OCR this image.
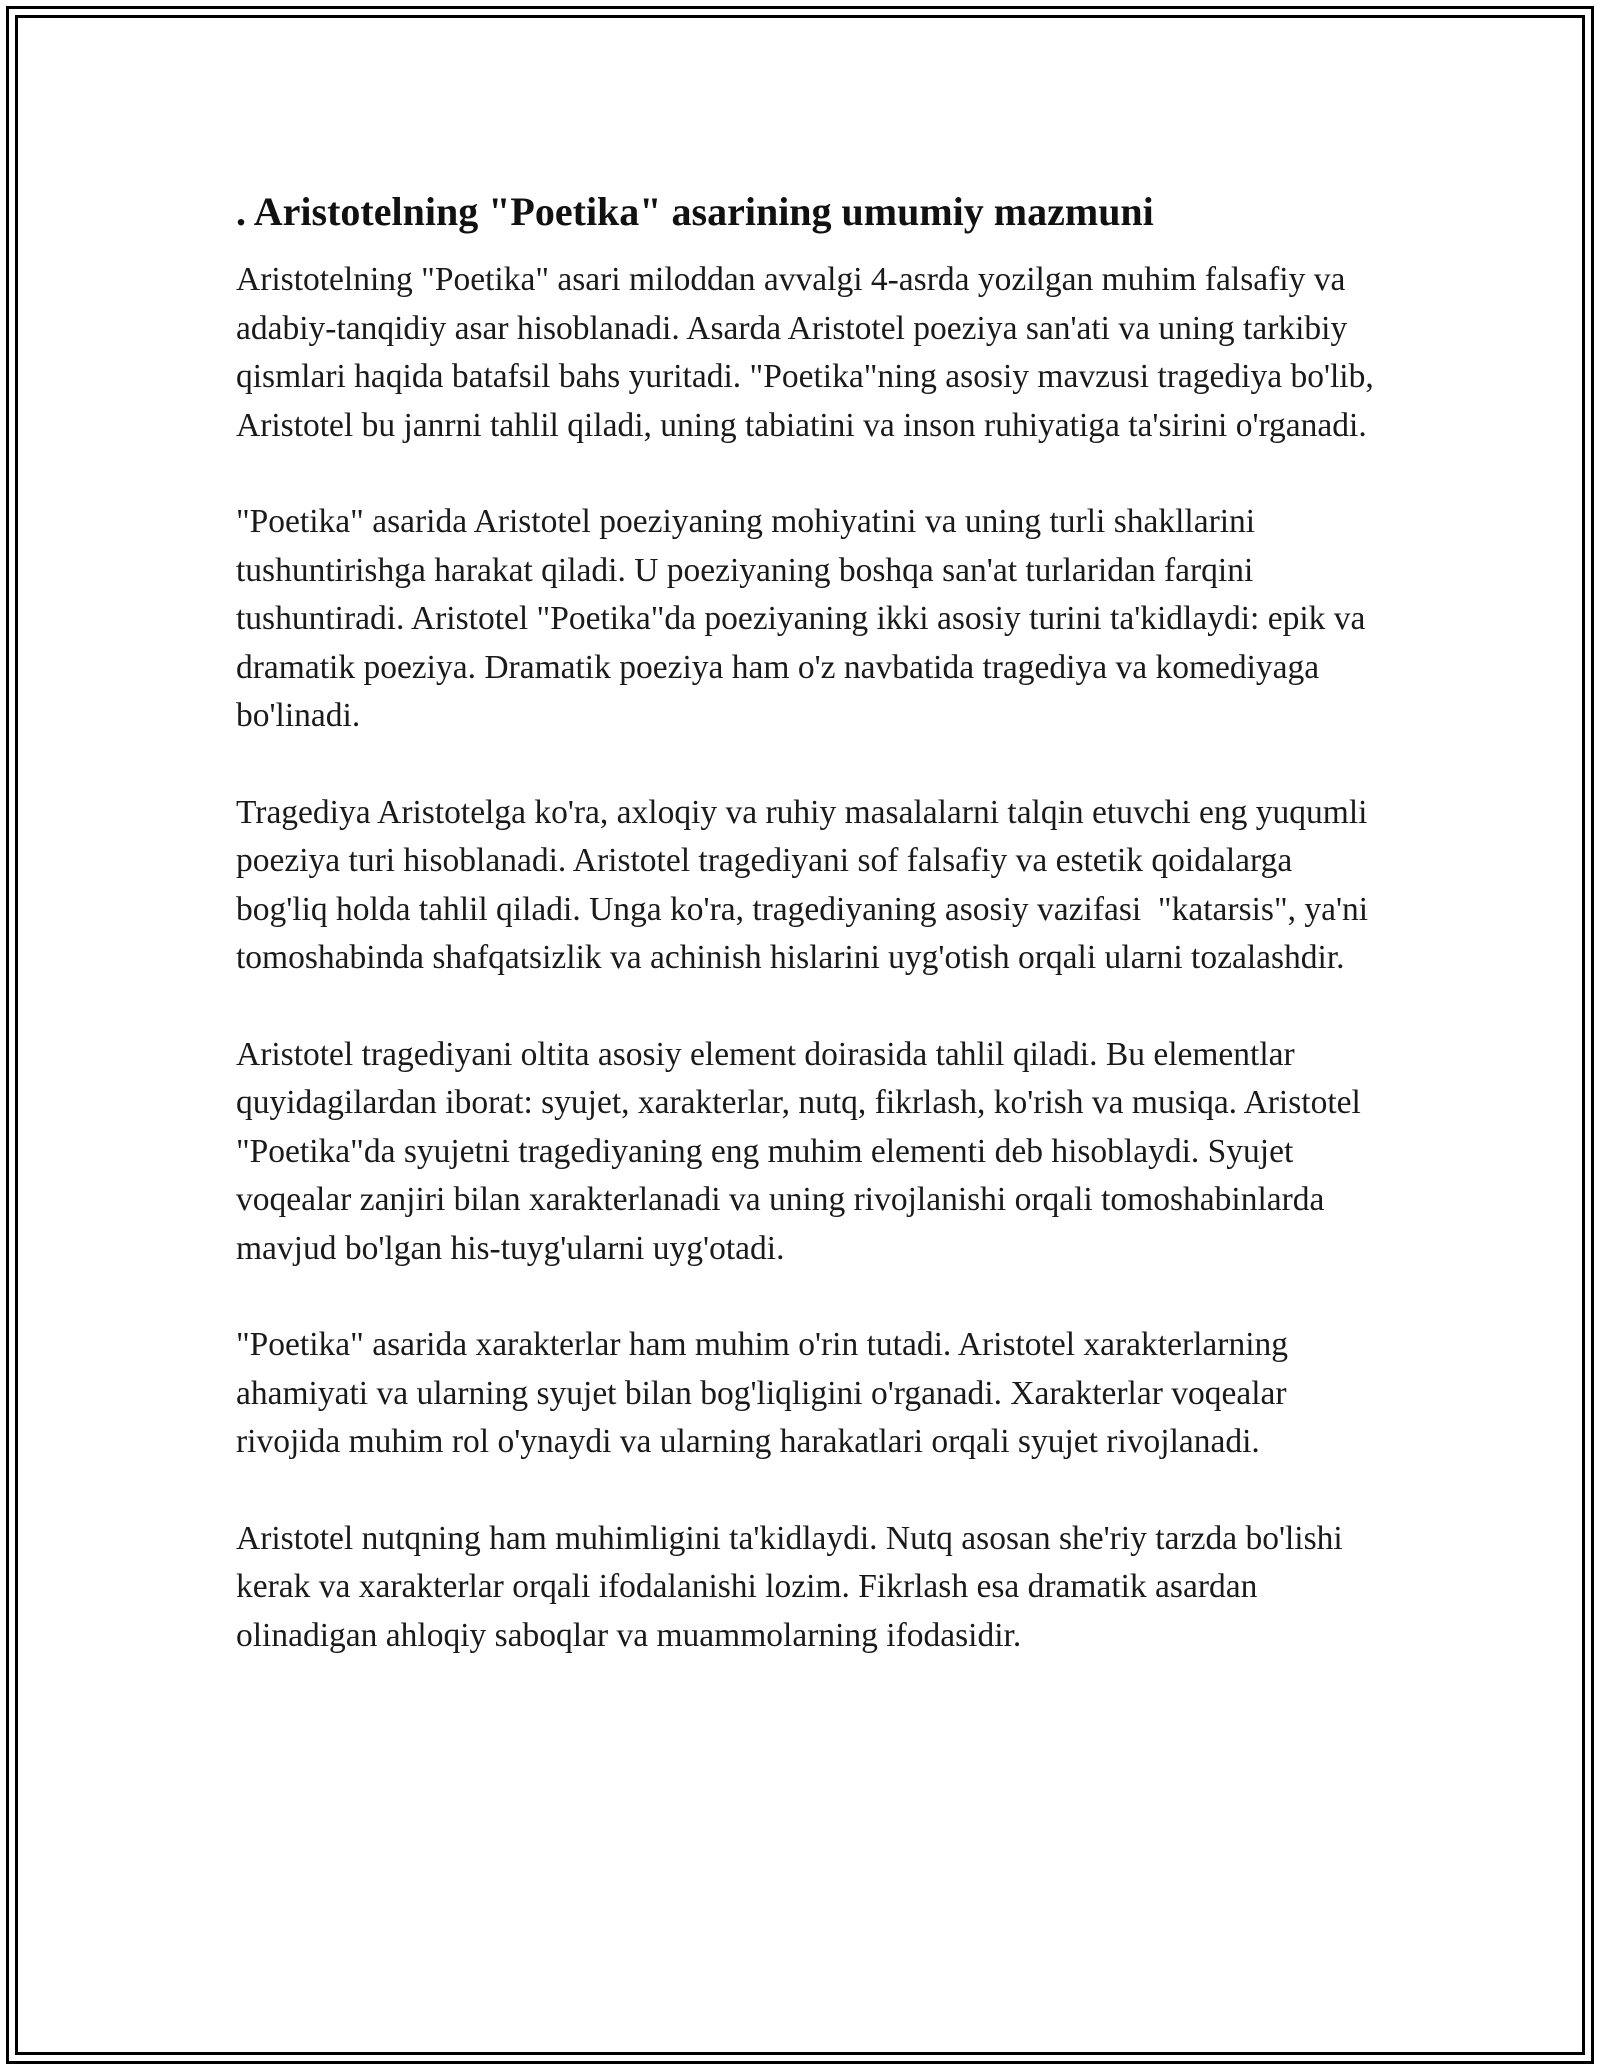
. Aristotelning "Poetika" asarining umumiy mazmuni

Aristotelning "Poetika" asari miloddan avvalgi 4-asrda yozilgan muhim falsafiy va adabiy-tanqidiy asar hisoblanadi. Asarda Aristotel poeziya san'ati va uning tarkibiy qismlari haqida batafsil bahs yuritadi. "Poetika"ning asosiy mavzusi tragediya bo'lib, Aristotel bu janrni tahlil qiladi, uning tabiatini va inson ruhiyatiga ta'sirini o'rganadi.

"Poetika" asarida Aristotel poeziyaning mohiyatini va uning turli shakllarini tushuntirishga harakat qiladi. U poeziyaning boshqa san'at turlaridan farqini tushuntiradi. Aristotel "Poetika"da poeziyaning ikki asosiy turini ta'kidlaydi: epik va dramatik poeziya. Dramatik poeziya ham o'z navbatida tragediya va komediyaga bo'linadi.

Tragediya Aristotelga ko'ra, axloqiy va ruhiy masalalarni talqin etuvchi eng yuqumli poeziya turi hisoblanadi. Aristotel tragediyani sof falsafiy va estetik qoidalarga bog'liq holda tahlil qiladi. Unga ko'ra, tragediyaning asosiy vazifasi  "katarsis", ya'ni tomoshabinda shafqatsizlik va achinish hislarini uyg'otish orqali ularni tozalashdir.

Aristotel tragediyani oltita asosiy element doirasida tahlil qiladi. Bu elementlar quyidagilardan iborat: syujet, xarakterlar, nutq, fikrlash, ko'rish va musiqa. Aristotel "Poetika"da syujetni tragediyaning eng muhim elementi deb hisoblaydi. Syujet voqealar zanjiri bilan xarakterlanadi va uning rivojlanishi orqali tomoshabinlarda mavjud bo'lgan his-tuyg'ularni uyg'otadi.

"Poetika" asarida xarakterlar ham muhim o'rin tutadi. Aristotel xarakterlarning ahamiyati va ularning syujet bilan bog'liqligini o'rganadi. Xarakterlar voqealar rivojida muhim rol o'ynaydi va ularning harakatlari orqali syujet rivojlanadi.

Aristotel nutqning ham muhimligini ta'kidlaydi. Nutq asosan she'riy tarzda bo'lishi kerak va xarakterlar orqali ifodalanishi lozim. Fikrlash esa dramatik asardan olinadigan ahloqiy saboqlar va muammolarning ifodasidir.
